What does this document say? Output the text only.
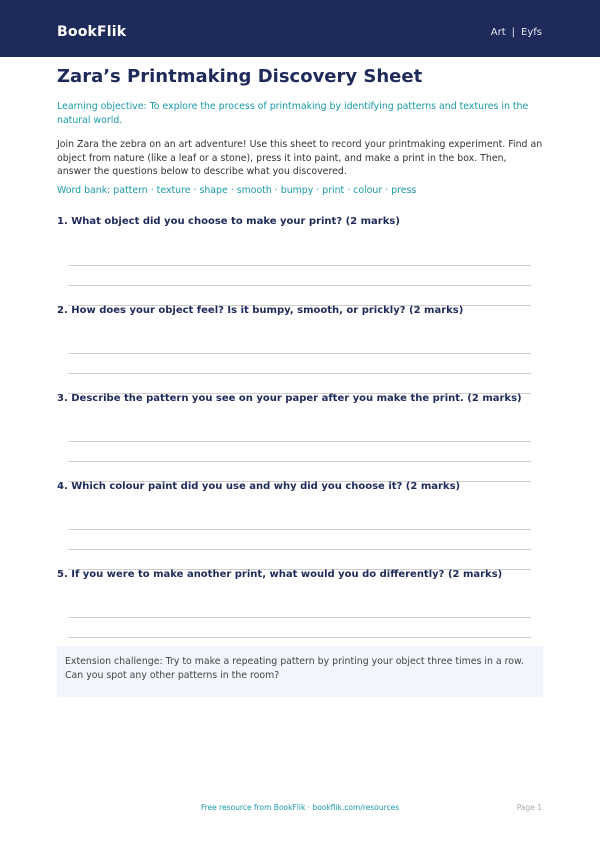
BookFlik	Art | Eyfs
Zara’s Printmaking Discovery Sheet

Learning objective: To explore the process of printmaking by identifying patterns and textures in the natural world.

Join Zara the zebra on an art adventure! Use this sheet to record your printmaking experiment. Find an object from nature (like a leaf or a stone), press it into paint, and make a print in the box. Then, answer the questions below to describe what you discovered.

Word bank: pattern · texture · shape · smooth · bumpy · print · colour · press

1. What object did you choose to make your print? (2 marks)

2. How does your object feel? Is it bumpy, smooth, or prickly? (2 marks)

3. Describe the pattern you see on your paper after you make the print. (2 marks)

4. Which colour paint did you use and why did you choose it? (2 marks)

5. If you were to make another print, what would you do differently? (2 marks)

Extension challenge: Try to make a repeating pattern by printing your object three times in a row. Can you spot any other patterns in the room?
Free resource from BookFlik · bookflik.com/resources	Page 1
